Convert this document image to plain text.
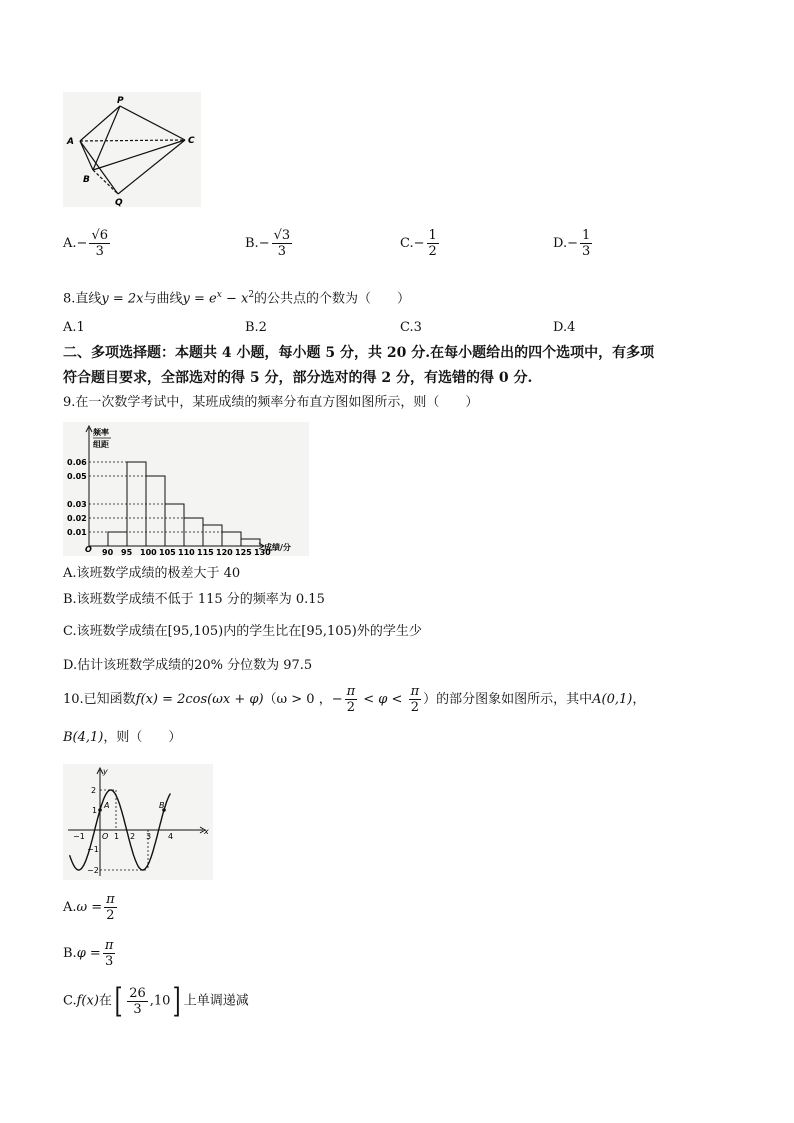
P
A
B
C
Q
$A.- \frac{√6}{3}$	$B.- \frac{√3}{3}$	$C.- \frac{1}{2}$	$D.- \frac{1}{3}$
8.直线y = 2x与曲线$y = e^x - x^2$的公共点的个数为（　　）
A.1	B.2	C.3	D.4
二、多项选择题：本题共 4 小题，每小题 5 分，共 20 分.在每小题给出的四个选项中，有多项
符合题目要求，全部选对的得 5 分，部分选对的得 2 分，有选错的得 0 分.
9.在一次数学考试中，某班成绩的频率分布直方图如图所示，则（　　）
频率
组距
O	成绩/分
0.06
0.05
0.03
0.02
0.01
90 95 100 105 110 115 120 125 130
A.该班数学成绩的极差大于 40
B.该班数学成绩不低于 115 分的频率为 0.15
C.该班数学成绩在[95,105)内的学生比在[95,105)外的学生少
D.估计该班数学成绩的20% 分位数为 97.5
10.已知函数f(x) = 2cos(ωx + φ)（ω > 0 ，− $\frac{\pi}{2} < \varphi < \frac{\pi}{2}$ ）的部分图象如图所示，其中A(0,1)，
B(4,1)，则（　　）
y
x
2
1
−1
−2
A	B
O
−1	1 2 3 4
$A.\omega = \frac{\pi}{2}$
$B.\varphi = \frac{\pi}{3}$
C.f(x)在[ $\frac{26}{3} ,10$] 上单调递减
